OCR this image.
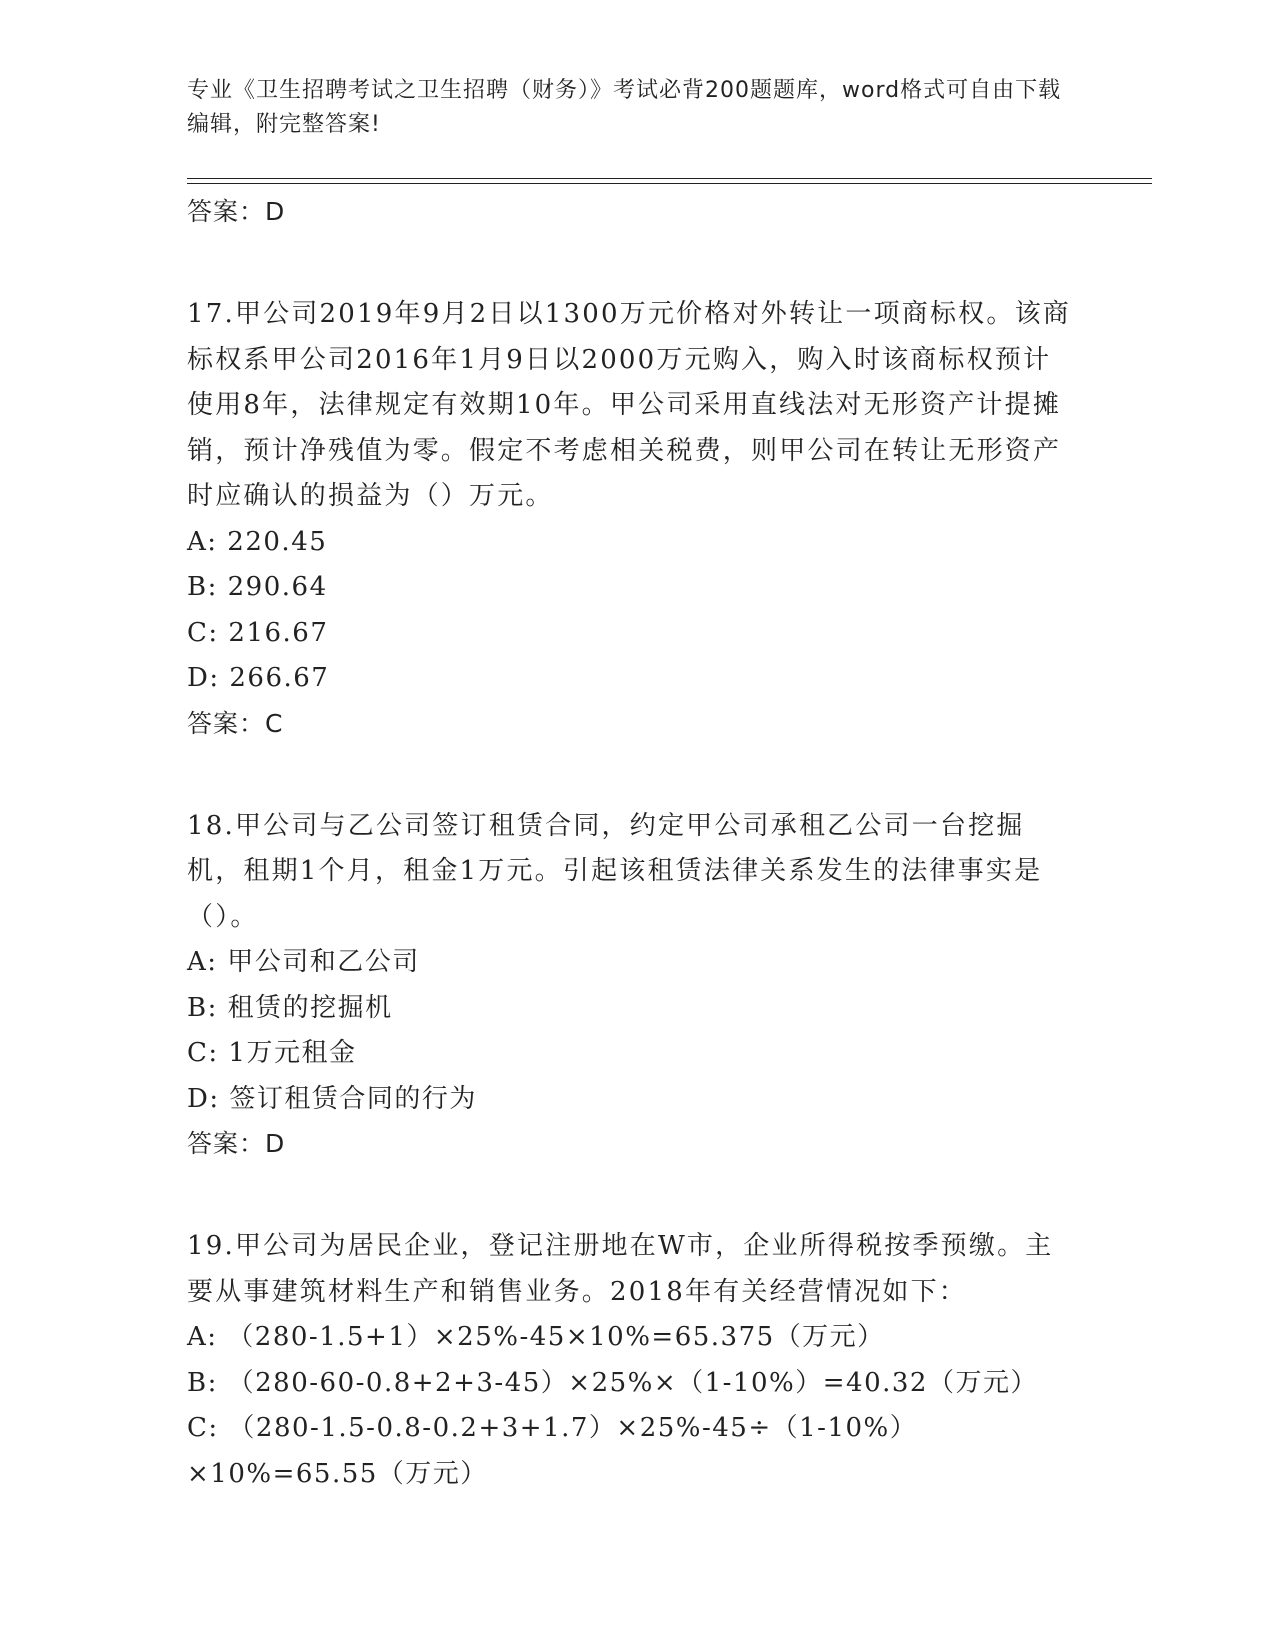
专业《卫生招聘考试之卫生招聘（财务）》考试必背200题题库，word格式可自由下载编辑，附完整答案!

答案：D

17.甲公司2019年9月2日以1300万元价格对外转让一项商标权。该商标权系甲公司2016年1月9日以2000万元购入，购入时该商标权预计使用8年，法律规定有效期10年。甲公司采用直线法对无形资产计提摊销，预计净残值为零。假定不考虑相关税费，则甲公司在转让无形资产时应确认的损益为（）万元。

A: 220.45

B: 290.64

C: 216.67

D: 266.67

答案：C

18.甲公司与乙公司签订租赁合同，约定甲公司承租乙公司一台挖掘机，租期1个月，租金1万元。引起该租赁法律关系发生的法律事实是（）。

A: 甲公司和乙公司

B: 租赁的挖掘机

C: 1万元租金

D: 签订租赁合同的行为

答案：D

19.甲公司为居民企业，登记注册地在W市，企业所得税按季预缴。主要从事建筑材料生产和销售业务。2018年有关经营情况如下：

A: （280-1.5+1）×25%-45×10%=65.375（万元）

B: （280-60-0.8+2+3-45）×25%×（1-10%）=40.32（万元）

C: （280-1.5-0.8-0.2+3+1.7）×25%-45÷（1-10%）×10%=65.55（万元）
